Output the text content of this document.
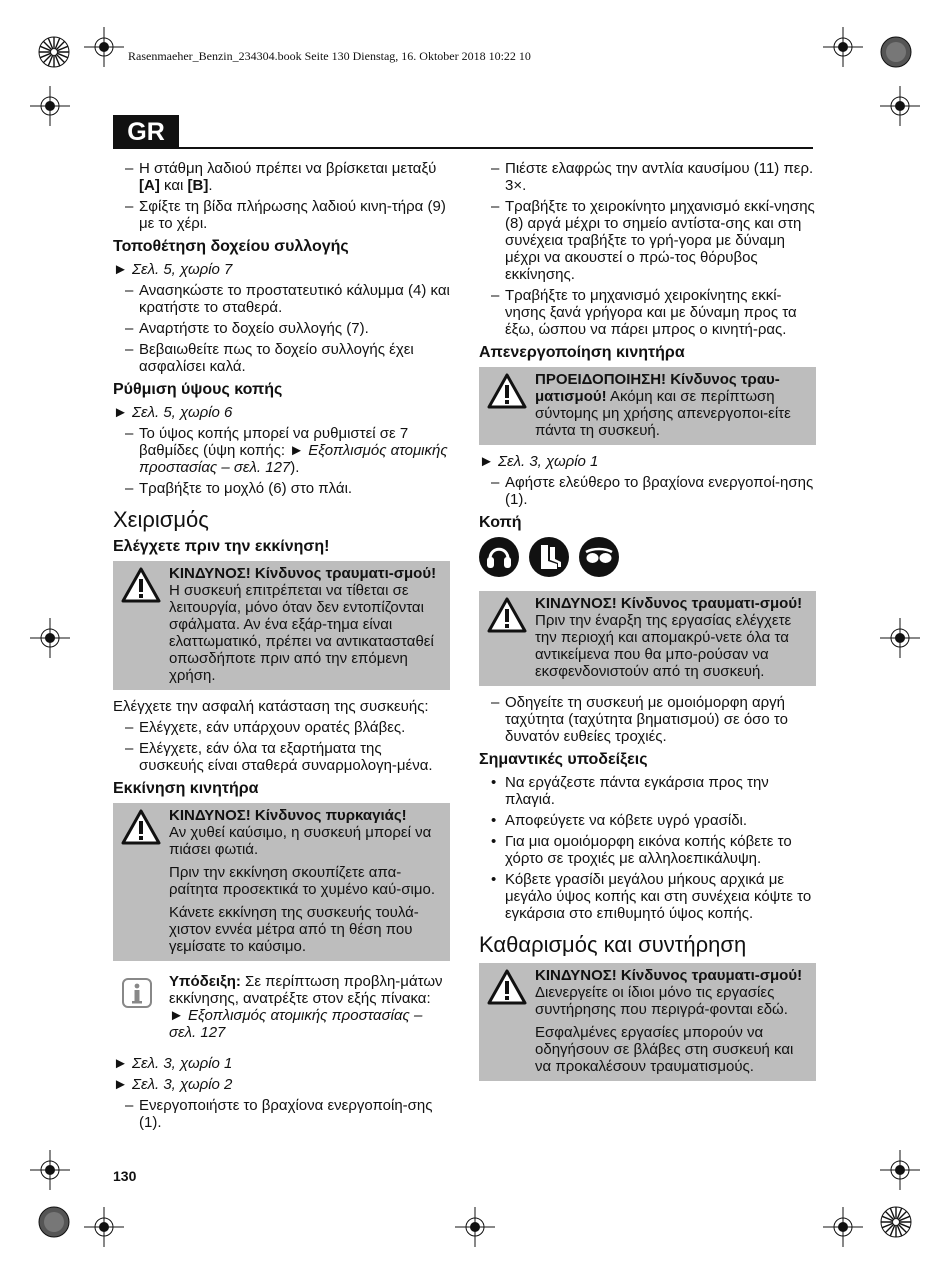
Rasenmaeher_Benzin_234304.book Seite 130 Dienstag, 16. Oktober 2018 10:22 10
GR
– Η στάθμη λαδιού πρέπει να βρίσκεται μεταξύ [A] και [B].
– Σφίξτε τη βίδα πλήρωσης λαδιού κινη-τήρα (9) με το χέρι.
Τοποθέτηση δοχείου συλλογής
► Σελ. 5, χωρίο 7
– Ανασηκώστε το προστατευτικό κάλυμμα (4) και κρατήστε το σταθερά.
– Αναρτήστε το δοχείο συλλογής (7).
– Βεβαιωθείτε πως το δοχείο συλλογής έχει ασφαλίσει καλά.
Ρύθμιση ύψους κοπής
► Σελ. 5, χωρίο 6
– Το ύψος κοπής μπορεί να ρυθμιστεί σε 7 βαθμίδες (ύψη κοπής: ► Εξοπλισμός ατομικής προστασίας – σελ. 127).
– Τραβήξτε το μοχλό (6) στο πλάι.
Χειρισμός
Ελέγχετε πριν την εκκίνηση!

ΚΙΝΔΥΝΟΣ! Κίνδυνος τραυματι-σμού! Η συσκευή επιτρέπεται να τίθεται σε λειτουργία, μόνο όταν δεν εντοπίζονται σφάλματα. Αν ένα εξάρ-τημα είναι ελαττωματικό, πρέπει να αντικατασταθεί οπωσδήποτε πριν από την επόμενη χρήση.

Ελέγχετε την ασφαλή κατάσταση της συσκευής:
– Ελέγχετε, εάν υπάρχουν ορατές βλάβες.
– Ελέγχετε, εάν όλα τα εξαρτήματα της συσκευής είναι σταθερά συναρμολογη-μένα.
Εκκίνηση κινητήρα

ΚΙΝΔΥΝΟΣ! Κίνδυνος πυρκαγιάς!
Αν χυθεί καύσιμο, η συσκευή μπορεί να πιάσει φωτιά.

Πριν την εκκίνηση σκουπίζετε απα-ραίτητα προσεκτικά το χυμένο καύ-σιμο.

Κάνετε εκκίνηση της συσκευής τουλά-χιστον εννέα μέτρα από τη θέση που γεμίσατε το καύσιμο.

Υπόδειξη: Σε περίπτωση προβλη-μάτων εκκίνησης, ανατρέξτε στον εξής πίνακα: ► Εξοπλισμός ατομικής προστασίας – σελ. 127
► Σελ. 3, χωρίο 1
► Σελ. 3, χωρίο 2
– Ενεργοποιήστε το βραχίονα ενεργοποίη-σης (1).
– Πιέστε ελαφρώς την αντλία καυσίμου (11) περ. 3×.
– Τραβήξτε το χειροκίνητο μηχανισμό εκκί-νησης (8) αργά μέχρι το σημείο αντίστα-σης και στη συνέχεια τραβήξτε το γρή-γορα με δύναμη μέχρι να ακουστεί ο πρώ-τος θόρυβος εκκίνησης.
– Τραβήξτε το μηχανισμό χειροκίνητης εκκί-νησης ξανά γρήγορα και με δύναμη προς τα έξω, ώσπου να πάρει μπρος ο κινητή-ρας.
Απενεργοποίηση κινητήρα

ΠΡΟΕΙΔΟΠΟΙΗΣΗ! Κίνδυνος τραυ-ματισμού! Ακόμη και σε περίπτωση σύντομης μη χρήσης απενεργοποι-είτε πάντα τη συσκευή.

► Σελ. 3, χωρίο 1
– Αφήστε ελεύθερο το βραχίονα ενεργοποί-ησης (1).
Κοπή

ΚΙΝΔΥΝΟΣ! Κίνδυνος τραυματι-σμού! Πριν την έναρξη της εργασίας ελέγχετε την περιοχή και απομακρύ-νετε όλα τα αντικείμενα που θα μπο-ρούσαν να εκσφενδονιστούν από τη συσκευή.

– Οδηγείτε τη συσκευή με ομοιόμορφη αργή ταχύτητα (ταχύτητα βηματισμού) σε όσο το δυνατόν ευθείες τροχιές.
Σημαντικές υποδείξεις
• Να εργάζεστε πάντα εγκάρσια προς την πλαγιά.
• Αποφεύγετε να κόβετε υγρό γρασίδι.
• Για μια ομοιόμορφη εικόνα κοπής κόβετε το χόρτο σε τροχιές με αλληλοεπικάλυψη.
• Κόβετε γρασίδι μεγάλου μήκους αρχικά με μεγάλο ύψος κοπής και στη συνέχεια κόψτε το εγκάρσια στο επιθυμητό ύψος κοπής.
Καθαρισμός και συντήρηση

ΚΙΝΔΥΝΟΣ! Κίνδυνος τραυματι-σμού! Διενεργείτε οι ίδιοι μόνο τις εργασίες συντήρησης που περιγρά-φονται εδώ.

Εσφαλμένες εργασίες μπορούν να οδηγήσουν σε βλάβες στη συσκευή και να προκαλέσουν τραυματισμούς.

130
